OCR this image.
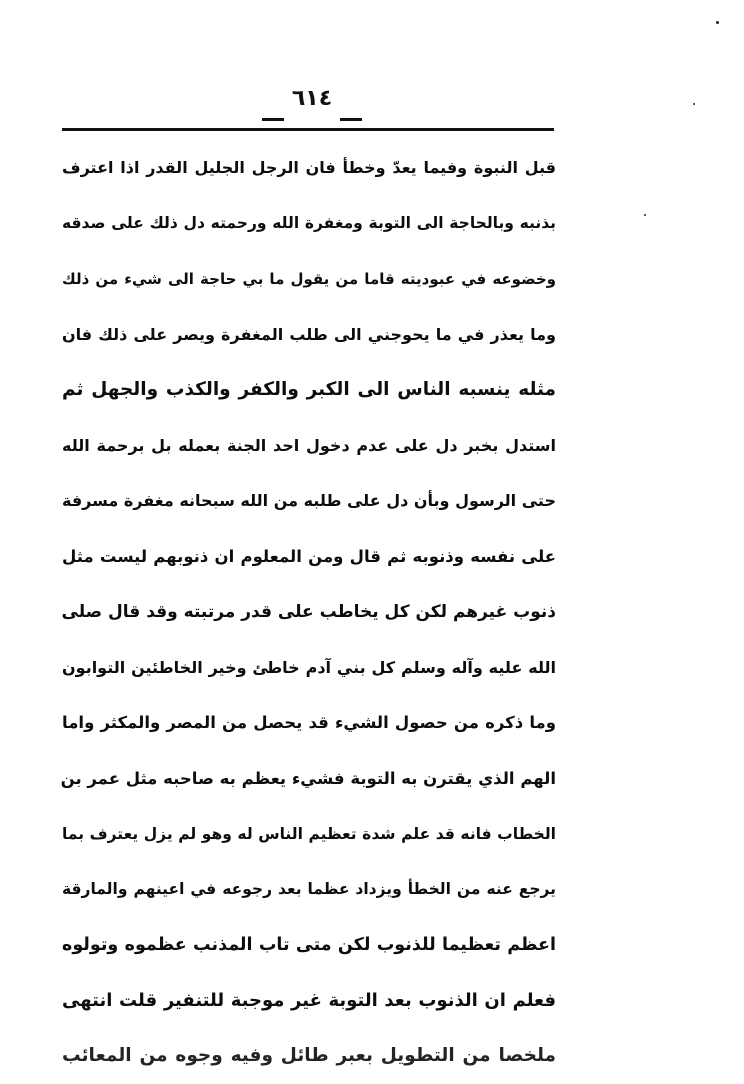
٦١٤
قبل النبوة وفيما يعدّ وخطأ فان الرجل الجليل القدر اذا اعترف
بذنبه وبالحاجة الى التوبة ومغفرة الله ورحمته دل ذلك على صدقه
وخضوعه في عبوديته قاما من يقول ما بي حاجة الى شيء من ذلك
وما يعذر في ما يحوجني الى طلب المغفرة ويصر على ذلك فان
مثله ينسبه الناس الى الكبر والكفر والكذب والجهل ثم
استدل بخبر دل على عدم دخول احد الجنة بعمله بل برحمة الله
حتى الرسول وبأن دل على طلبه من الله سبحانه مغفرة مسرفة
على نفسه وذنوبه ثم قال ومن المعلوم ان ذنوبهم ليست مثل
ذنوب غيرهم لكن كل يخاطب على قدر مرتبته وقد قال صلى
الله عليه وآله وسلم كل بني آدم خاطئ وخير الخاطئين التوابون
وما ذكره من حصول الشيء قد يحصل من المصر والمكثر واما
الهم الذي يقترن به التوبة فشيء يعظم به صاحبه مثل عمر بن
الخطاب فانه قد علم شدة تعظيم الناس له وهو لم يزل يعترف بما
يرجع عنه من الخطأ ويزداد عظما بعد رجوعه في اعينهم والمارقة
اعظم تعظيما للذنوب لكن متى تاب المذنب عظموه وتولوه
فعلم ان الذنوب بعد التوبة غير موجبة للتنفير قلت انتهى
ملخصا من التطويل بعبر طائل وفيه وجوه من المعائب
